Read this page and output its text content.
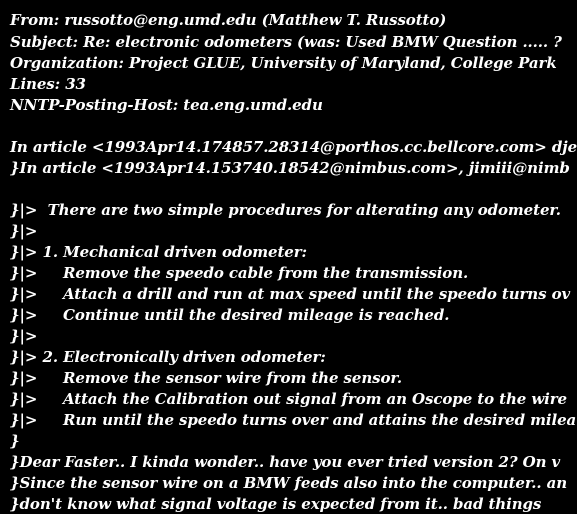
From: russotto@eng.umd.edu (Matthew T. Russotto)

Subject: Re: electronic odometers (was: Used BMW Question ..... ?

Organization: Project GLUE, University of Maryland, College Park

Lines: 33

NNTP-Posting-Host: tea.eng.umd.edu

In article <1993Apr14.174857.28314@porthos.cc.bellcore.com> dje

}In article <1993Apr14.153740.18542@nimbus.com>, jimiii@nimb

}|>  There are two simple procedures for alterating any odometer.

}|>

}|> 1. Mechanical driven odometer:

}|>     Remove the speedo cable from the transmission.

}|>     Attach a drill and run at max speed until the speedo turns ov

}|>     Continue until the desired mileage is reached.

}|>

}|> 2. Electronically driven odometer:

}|>     Remove the sensor wire from the sensor.

}|>     Attach the Calibration out signal from an Oscope to the wire

}|>     Run until the speedo turns over and attains the desired milea

}

}Dear Faster.. I kinda wonder.. have you ever tried version 2? On v

}Since the sensor wire on a BMW feeds also into the computer.. an

}don't know what signal voltage is expected from it.. bad things
